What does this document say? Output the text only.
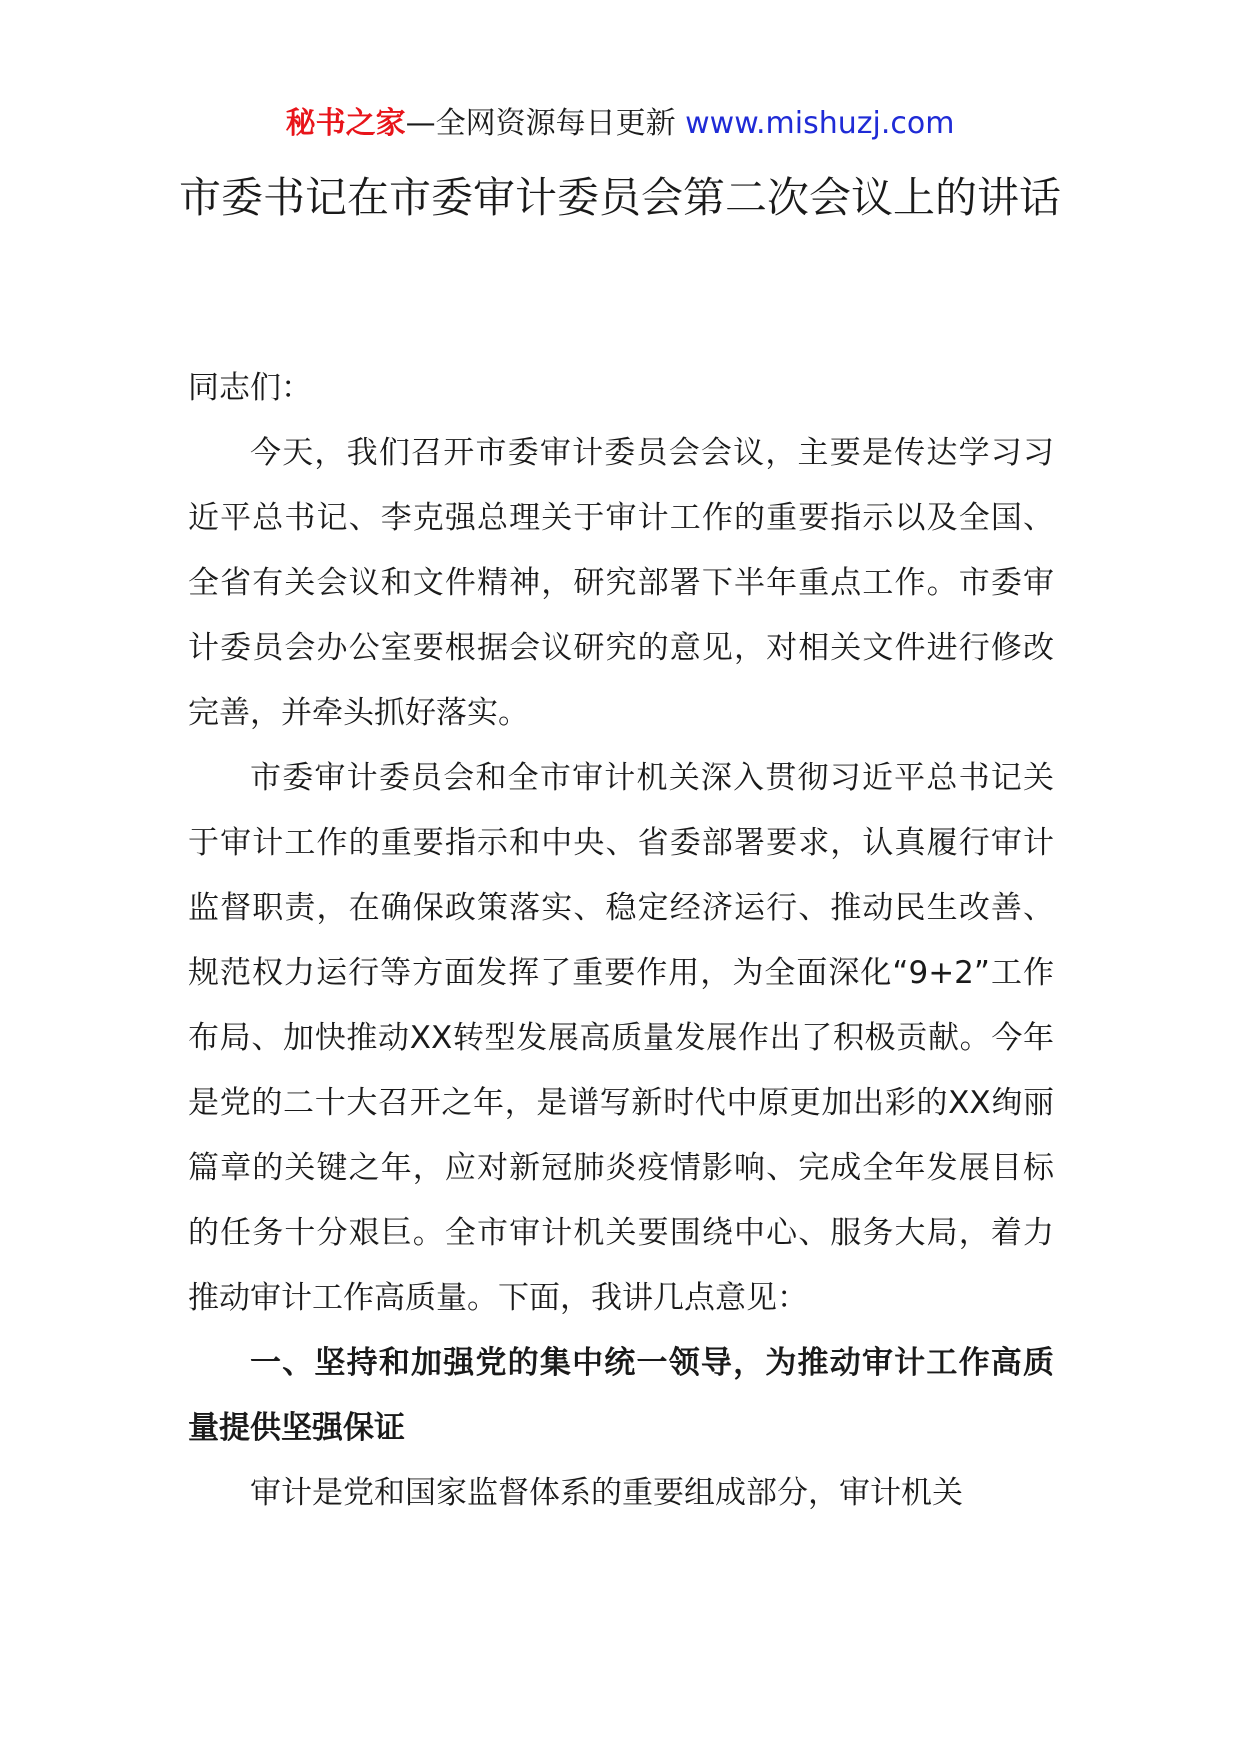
秘书之家—全网资源每日更新 www.mishuzj.com
市委书记在市委审计委员会第二次会议上的讲话

同志们：

今天，我们召开市委审计委员会会议，主要是传达学习习近平总书记、李克强总理关于审计工作的重要指示以及全国、全省有关会议和文件精神，研究部署下半年重点工作。市委审计委员会办公室要根据会议研究的意见，对相关文件进行修改完善，并牵头抓好落实。

市委审计委员会和全市审计机关深入贯彻习近平总书记关于审计工作的重要指示和中央、省委部署要求，认真履行审计监督职责，在确保政策落实、稳定经济运行、推动民生改善、规范权力运行等方面发挥了重要作用，为全面深化“9+2”工作布局、加快推动XX转型发展高质量发展作出了积极贡献。今年是党的二十大召开之年，是谱写新时代中原更加出彩的XX绚丽篇章的关键之年，应对新冠肺炎疫情影响、完成全年发展目标的任务十分艰巨。全市审计机关要围绕中心、服务大局，着力推动审计工作高质量。下面，我讲几点意见：

一、坚持和加强党的集中统一领导，为推动审计工作高质量提供坚强保证

审计是党和国家监督体系的重要组成部分，审计机关
